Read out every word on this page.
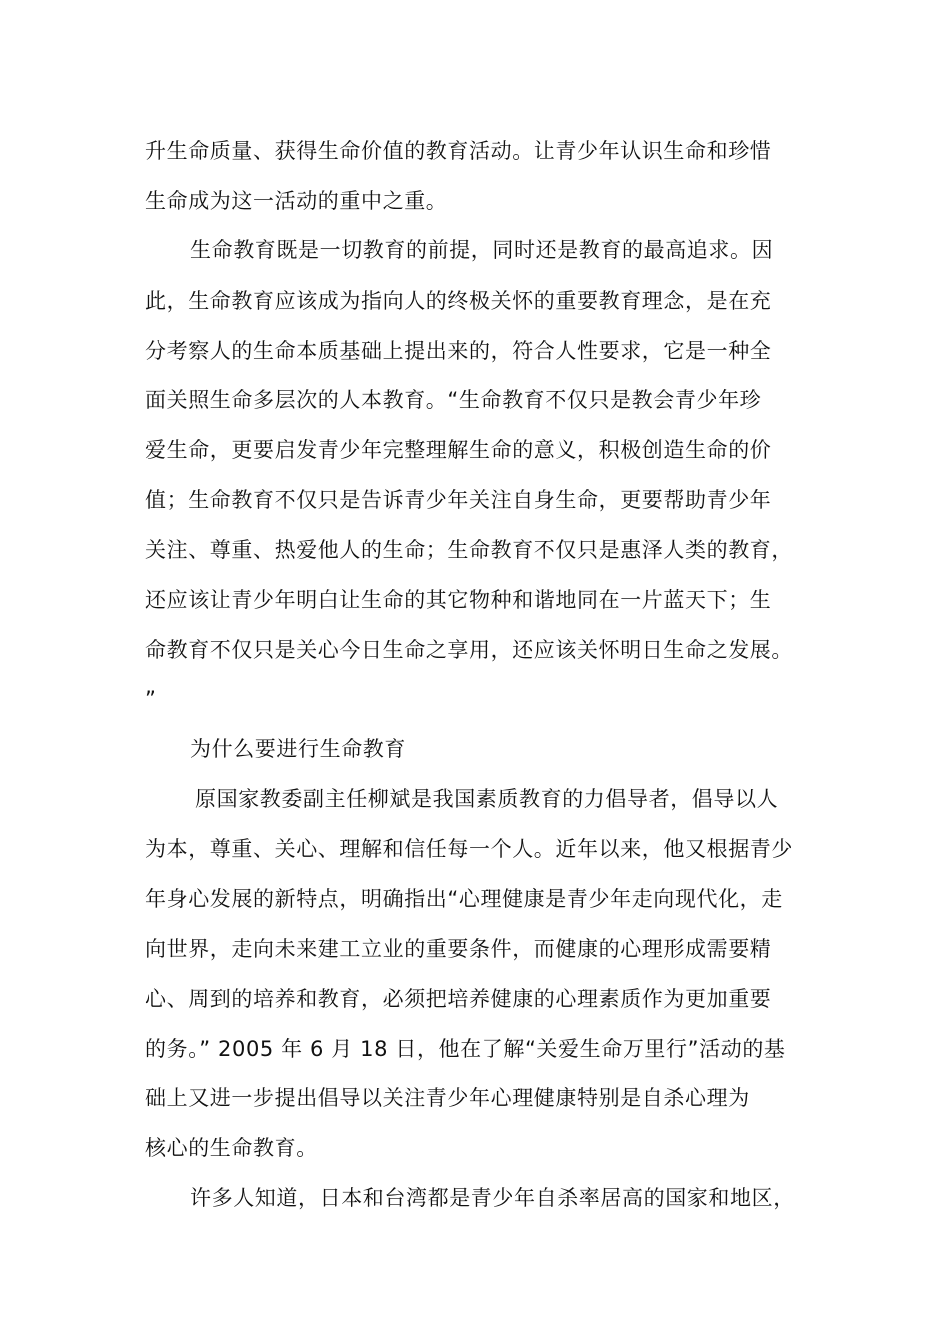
升生命质量、获得生命价值的教育活动。让青少年认识生命和珍惜
生命成为这一活动的重中之重。
生命教育既是一切教育的前提，同时还是教育的最高追求。因
此，生命教育应该成为指向人的终极关怀的重要教育理念，是在充
分考察人的生命本质基础上提出来的，符合人性要求，它是一种全
面关照生命多层次的人本教育。“生命教育不仅只是教会青少年珍
爱生命，更要启发青少年完整理解生命的意义，积极创造生命的价
值；生命教育不仅只是告诉青少年关注自身生命，更要帮助青少年
关注、尊重、热爱他人的生命；生命教育不仅只是惠泽人类的教育，
还应该让青少年明白让生命的其它物种和谐地同在一片蓝天下；生
命教育不仅只是关心今日生命之享用，还应该关怀明日生命之发展。
”
为什么要进行生命教育
原国家教委副主任柳斌是我国素质教育的力倡导者，倡导以人
为本，尊重、关心、理解和信任每一个人。近年以来，他又根据青少
年身心发展的新特点，明确指出“心理健康是青少年走向现代化，走
向世界，走向未来建工立业的重要条件，而健康的心理形成需要精
心、周到的培养和教育，必须把培养健康的心理素质作为更加重要
的务。” 2005 年 6 月 18 日，他在了解“关爱生命万里行”活动的基
础上又进一步提出倡导以关注青少年心理健康特别是自杀心理为
核心的生命教育。
许多人知道，日本和台湾都是青少年自杀率居高的国家和地区，
